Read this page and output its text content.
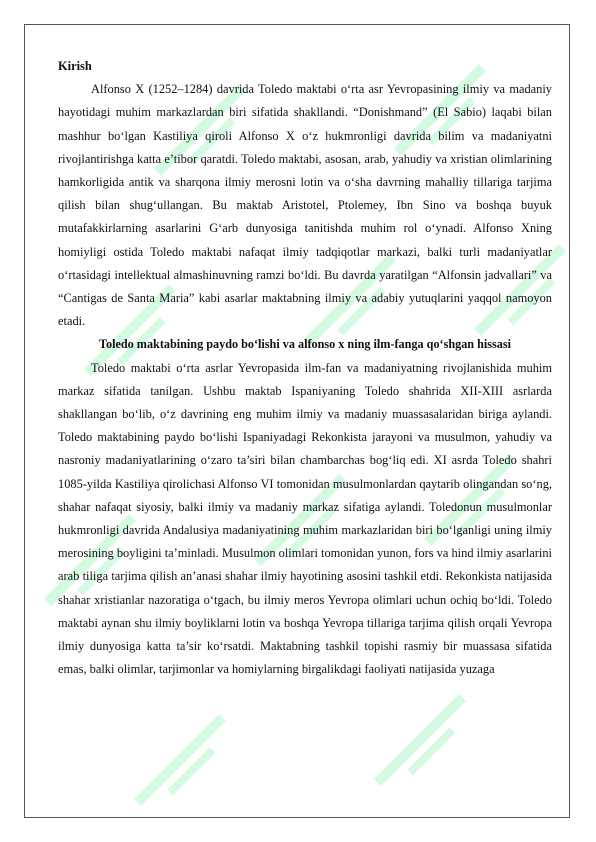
Kirish

Alfonso X (1252–1284) davrida Toledo maktabi o‘rta asr Yevropasining ilmiy va madaniy hayotidagi muhim markazlardan biri sifatida shakllandi. “Donishmand” (El Sabio) laqabi bilan mashhur bo‘lgan Kastiliya qiroli Alfonso X o‘z hukmronligi davrida bilim va madaniyatni rivojlantirishga katta e’tibor qaratdi. Toledo maktabi, asosan, arab, yahudiy va xristian olimlarining hamkorligida antik va sharqona ilmiy merosni lotin va o‘sha davrning mahalliy tillariga tarjima qilish bilan shug‘ullangan. Bu maktab Aristotel, Ptolemey, Ibn Sino va boshqa buyuk mutafakkirlarning asarlarini G‘arb dunyosiga tanitishda muhim rol o‘ynadi. Alfonso Xning homiyligi ostida Toledo maktabi nafaqat ilmiy tadqiqotlar markazi, balki turli madaniyatlar o‘rtasidagi intellektual almashinuvning ramzi bo‘ldi. Bu davrda yaratilgan “Alfonsin jadvallari” va “Cantigas de Santa Maria” kabi asarlar maktabning ilmiy va adabiy yutuqlarini yaqqol namoyon etadi.

Toledo maktabining paydo bo‘lishi va alfonso x ning ilm-fanga qo‘shgan hissasi

Toledo maktabi o‘rta asrlar Yevropasida ilm-fan va madaniyatning rivojlanishida muhim markaz sifatida tanilgan. Ushbu maktab Ispaniyaning Toledo shahrida XII-XIII asrlarda shakllangan bo‘lib, o‘z davrining eng muhim ilmiy va madaniy muassasalaridan biriga aylandi. Toledo maktabining paydo bo‘lishi Ispaniyadagi Rekonkista jarayoni va musulmon, yahudiy va nasroniy madaniyatlarining o‘zaro ta’siri bilan chambarchas bog‘liq edi. XI asrda Toledo shahri 1085-yilda Kastiliya qirolichasi Alfonso VI tomonidan musulmonlardan qaytarib olingandan so‘ng, shahar nafaqat siyosiy, balki ilmiy va madaniy markaz sifatiga aylandi. Toledonun musulmonlar hukmronligi davrida Andalusiya madaniyatining muhim markazlaridan biri bo‘lganligi uning ilmiy merosining boyligini ta’minladi. Musulmon olimlari tomonidan yunon, fors va hind ilmiy asarlarini arab tiliga tarjima qilish an’anasi shahar ilmiy hayotining asosini tashkil etdi. Rekonkista natijasida shahar xristianlar nazoratiga o‘tgach, bu ilmiy meros Yevropa olimlari uchun ochiq bo‘ldi. Toledo maktabi aynan shu ilmiy boyliklarni lotin va boshqa Yevropa tillariga tarjima qilish orqali Yevropa ilmiy dunyosiga katta ta’sir ko‘rsatdi. Maktabning tashkil topishi rasmiy bir muassasa sifatida emas, balki olimlar, tarjimonlar va homiylarning birgalikdagi faoliyati natijasida yuzaga
